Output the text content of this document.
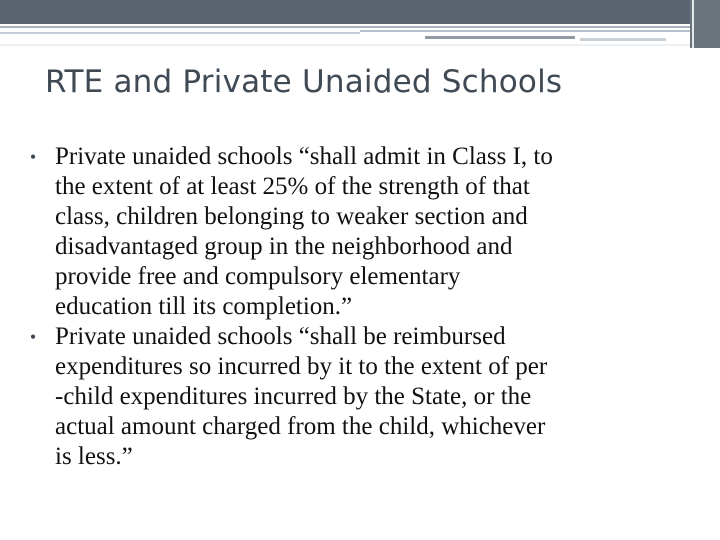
RTE and Private Unaided Schools
• Private unaided schools “shall admit in Class I, to
the extent of at least 25% of the strength of that
class, children belonging to weaker section and
disadvantaged group in the neighborhood and
provide free and compulsory elementary
education till its completion.”
• Private unaided schools “shall be reimbursed
expenditures so incurred by it to the extent of per
-child expenditures incurred by the State, or the
actual amount charged from the child, whichever
is less.”
